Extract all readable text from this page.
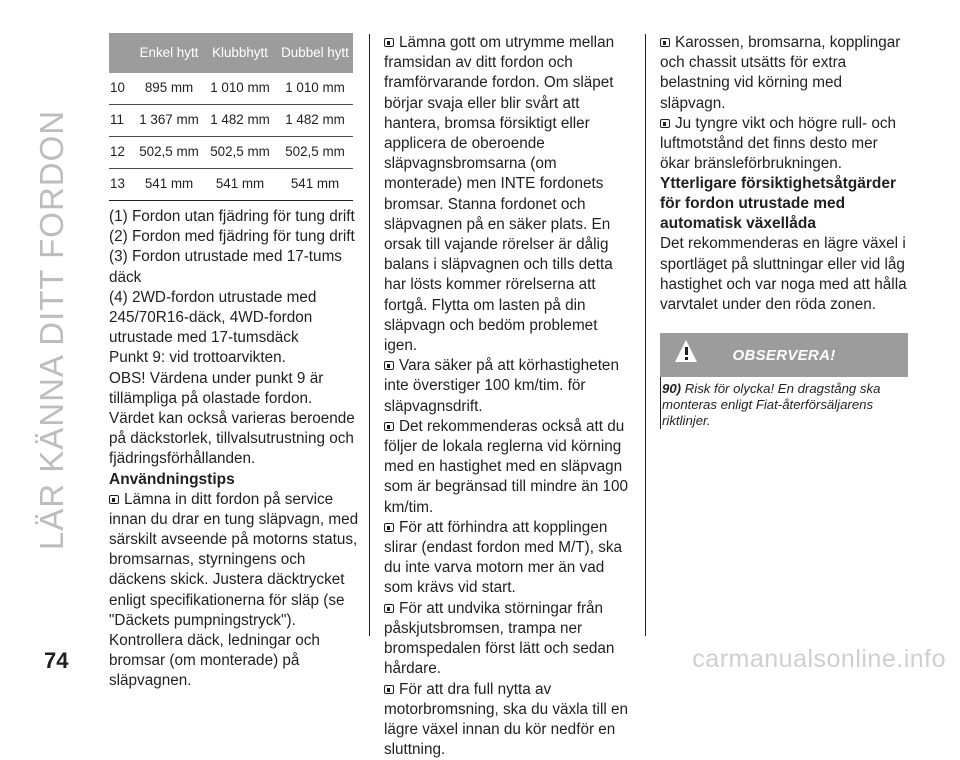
LÄR KÄNNA DITT FORDON
	Enkel hytt	Klubbhytt	Dubbel hytt
10	895 mm	1 010 mm	1 010 mm
11	1 367 mm	1 482 mm	1 482 mm
12	502,5 mm	502,5 mm	502,5 mm
13	541 mm	541 mm	541 mm

(1) Fordon utan fjädring för tung drift

(2) Fordon med fjädring för tung drift

(3) Fordon utrustade med 17-tums däck

(4) 2WD-fordon utrustade med 245/70R16-däck, 4WD-fordon utrustade med 17-tumsdäck

Punkt 9: vid trottoarvikten.

OBS! Värdena under punkt 9 är tillämpliga på olastade fordon. Värdet kan också varieras beroende på däckstorlek, tillvalsutrustning och fjädringsförhållanden.

Användningstips

Lämna in ditt fordon på service innan du drar en tung släpvagn, med särskilt avseende på motorns status, bromsarnas, styrningens och däckens skick. Justera däcktrycket enligt specifikationerna för släp (se "Däckets pumpningstryck"). Kontrollera däck, ledningar och bromsar (om monterade) på släpvagnen.

Lämna gott om utrymme mellan framsidan av ditt fordon och framförvarande fordon. Om släpet börjar svaja eller blir svårt att hantera, bromsa försiktigt eller applicera de oberoende släpvagnsbromsarna (om monterade) men INTE fordonets bromsar. Stanna fordonet och släpvagnen på en säker plats. En orsak till vajande rörelser är dålig balans i släpvagnen och tills detta har lösts kommer rörelserna att fortgå. Flytta om lasten på din släpvagn och bedöm problemet igen.

Vara säker på att körhastigheten inte överstiger 100 km/tim. för släpvagnsdrift.

Det rekommenderas också att du följer de lokala reglerna vid körning med en hastighet med en släpvagn som är begränsad till mindre än 100 km/tim.

För att förhindra att kopplingen slirar (endast fordon med M/T), ska du inte varva motorn mer än vad som krävs vid start.

För att undvika störningar från påskjutsbromsen, trampa ner bromspedalen först lätt och sedan hårdare.

För att dra full nytta av motorbromsning, ska du växla till en lägre växel innan du kör nedför en sluttning.

Karossen, bromsarna, kopplingar och chassit utsätts för extra belastning vid körning med släpvagn.

Ju tyngre vikt och högre rull- och luftmotstånd det finns desto mer ökar bränsleförbrukningen.

Ytterligare försiktighetsåtgärder för fordon utrustade med automatisk växellåda

Det rekommenderas en lägre växel i sportläget på sluttningar eller vid låg hastighet och var noga med att hålla varvtalet under den röda zonen.

OBSERVERA!
90) Risk för olycka! En dragstång ska monteras enligt Fiat-återförsäljarens riktlinjer.
74	carmanualsonline.info
